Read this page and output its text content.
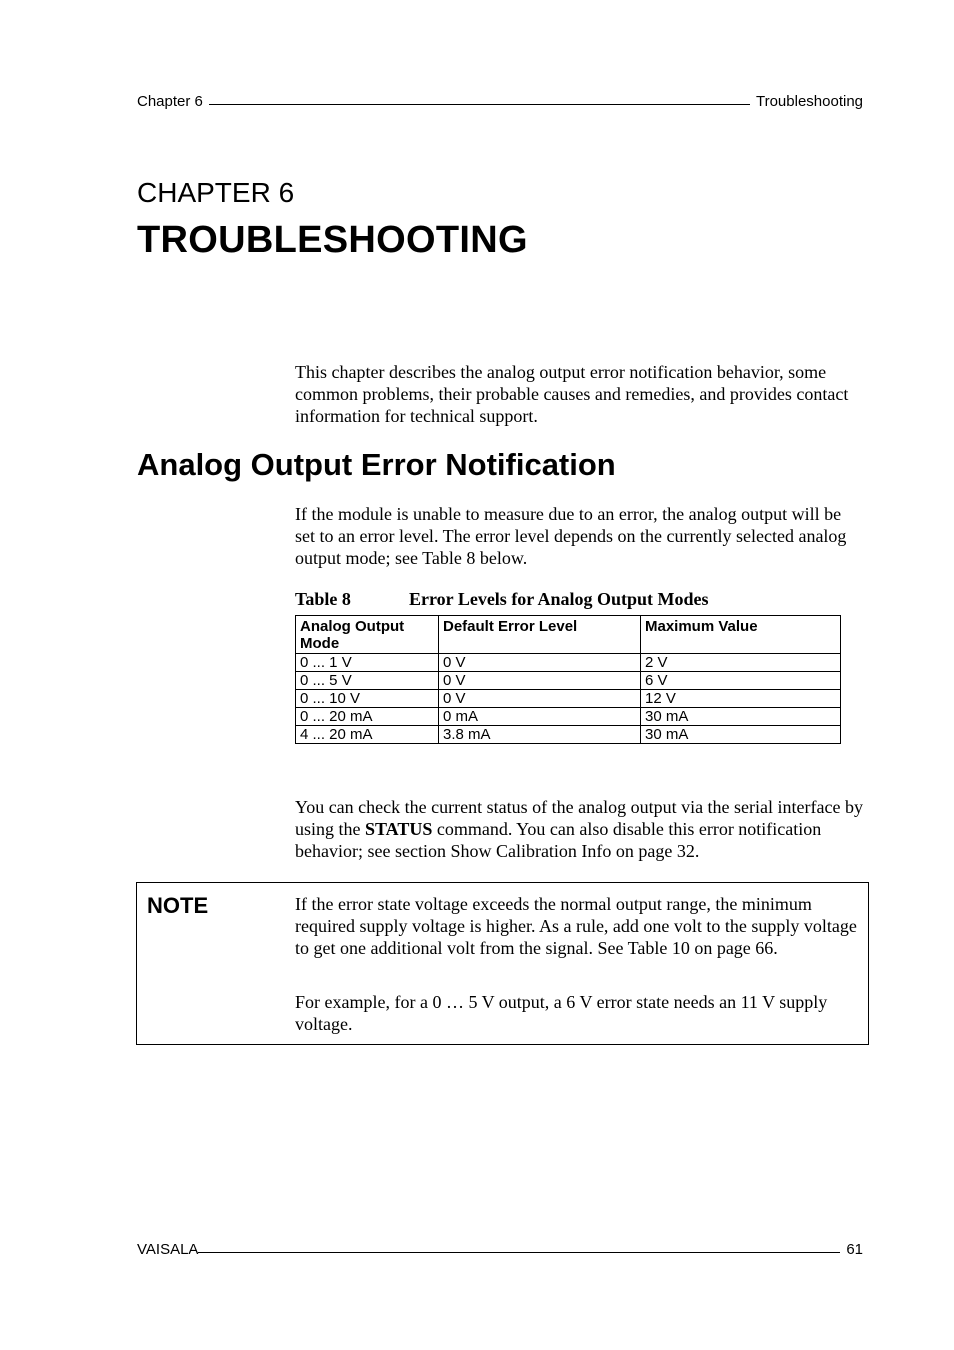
Chapter 6	Troubleshooting
CHAPTER 6
TROUBLESHOOTING

This chapter describes the analog output error notification behavior, some common problems, their probable causes and remedies, and provides contact information for technical support.

Analog Output Error Notification

If the module is unable to measure due to an error, the analog output will be set to an error level. The error level depends on the currently selected analog output mode; see Table 8 below.

Table 8	Error Levels for Analog Output Modes
Analog Output Mode	Default Error Level	Maximum Value
0 ... 1 V	0 V	2 V
0 ... 5 V	0 V	6 V
0 ... 10 V	0 V	12 V
0 ... 20 mA	0 mA	30 mA
4 ... 20 mA	3.8 mA	30 mA

You can check the current status of the analog output via the serial interface by using the STATUS command. You can also disable this error notification behavior; see section Show Calibration Info on page 32.

NOTE	If the error state voltage exceeds the normal output range, the minimum required supply voltage is higher. As a rule, add one volt to the supply voltage to get one additional volt from the signal. See Table 10 on page 66.

For example, for a 0 … 5 V output, a 6 V error state needs an 11 V supply voltage.

VAISALA	61
